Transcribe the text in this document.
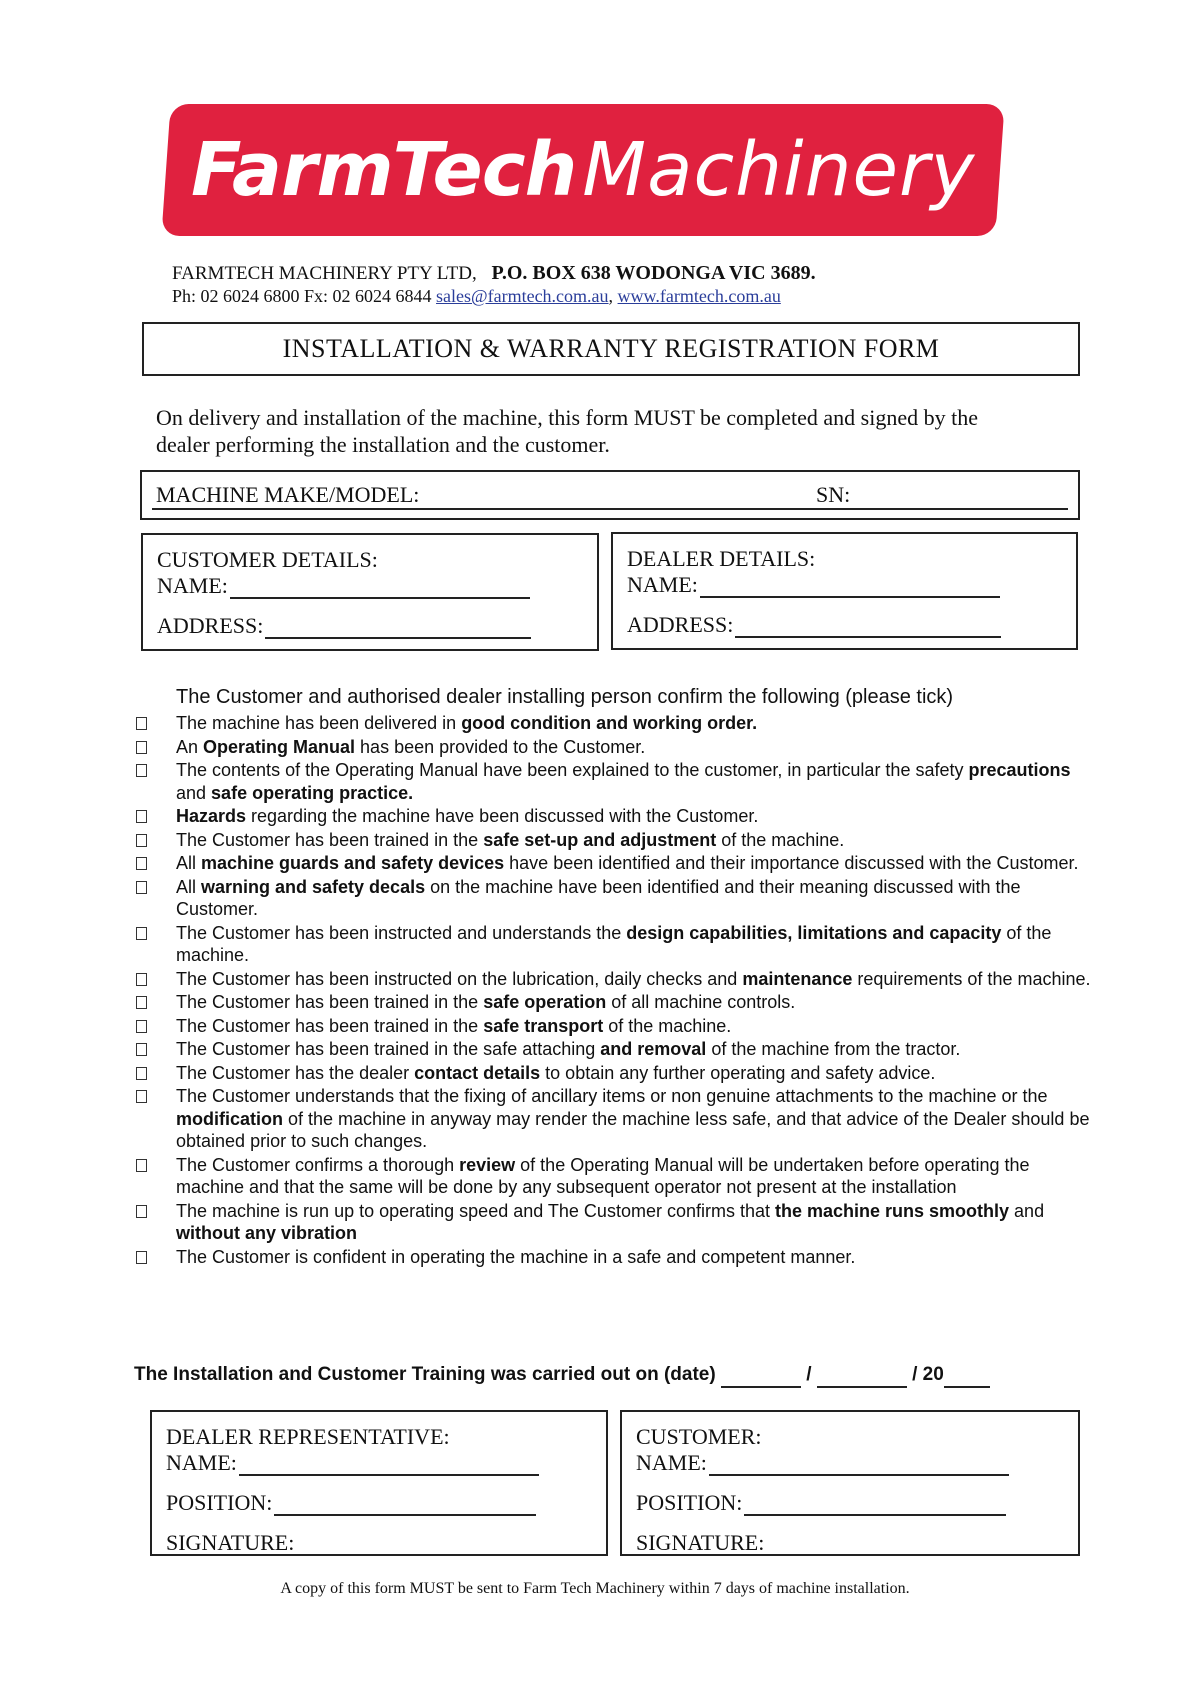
FarmTechMachinery
FARMTECH MACHINERY PTY LTD, P.O. BOX 638 WODONGA VIC 3689.
Ph: 02 6024 6800 Fx: 02 6024 6844 sales@farmtech.com.au, www.farmtech.com.au
INSTALLATION & WARRANTY REGISTRATION FORM
On delivery and installation of the machine, this form MUST be completed and signed by the dealer performing the installation and the customer.
MACHINE MAKE/MODEL:	SN:
CUSTOMER DETAILS:
NAME:
ADDRESS:
DEALER DETAILS:
NAME:
ADDRESS:
The Customer and authorised dealer installing person confirm the following (please tick)
The machine has been delivered in good condition and working order.
An Operating Manual has been provided to the Customer.
The contents of the Operating Manual have been explained to the customer, in particular the safety precautions and safe operating practice.
Hazards regarding the machine have been discussed with the Customer.
The Customer has been trained in the safe set-up and adjustment of the machine.
All machine guards and safety devices have been identified and their importance discussed with the Customer.
All warning and safety decals on the machine have been identified and their meaning discussed with the Customer.
The Customer has been instructed and understands the design capabilities, limitations and capacity of the machine.
The Customer has been instructed on the lubrication, daily checks and maintenance requirements of the machine.
The Customer has been trained in the safe operation of all machine controls.
The Customer has been trained in the safe transport of the machine.
The Customer has been trained in the safe attaching and removal of the machine from the tractor.
The Customer has the dealer contact details to obtain any further operating and safety advice.
The Customer understands that the fixing of ancillary items or non genuine attachments to the machine or the modification of the machine in anyway may render the machine less safe, and that advice of the Dealer should be obtained prior to such changes.
The Customer confirms a thorough review of the Operating Manual will be undertaken before operating the machine and that the same will be done by any subsequent operator not present at the installation
The machine is run up to operating speed and The Customer confirms that the machine runs smoothly and without any vibration
The Customer is confident in operating the machine in a safe and competent manner.
The Installation and Customer Training was carried out on (date)	/	/ 20
DEALER REPRESENTATIVE:
NAME:
POSITION:
SIGNATURE:
CUSTOMER:
NAME:
POSITION:
SIGNATURE:
A copy of this form MUST be sent to Farm Tech Machinery within 7 days of machine installation.
